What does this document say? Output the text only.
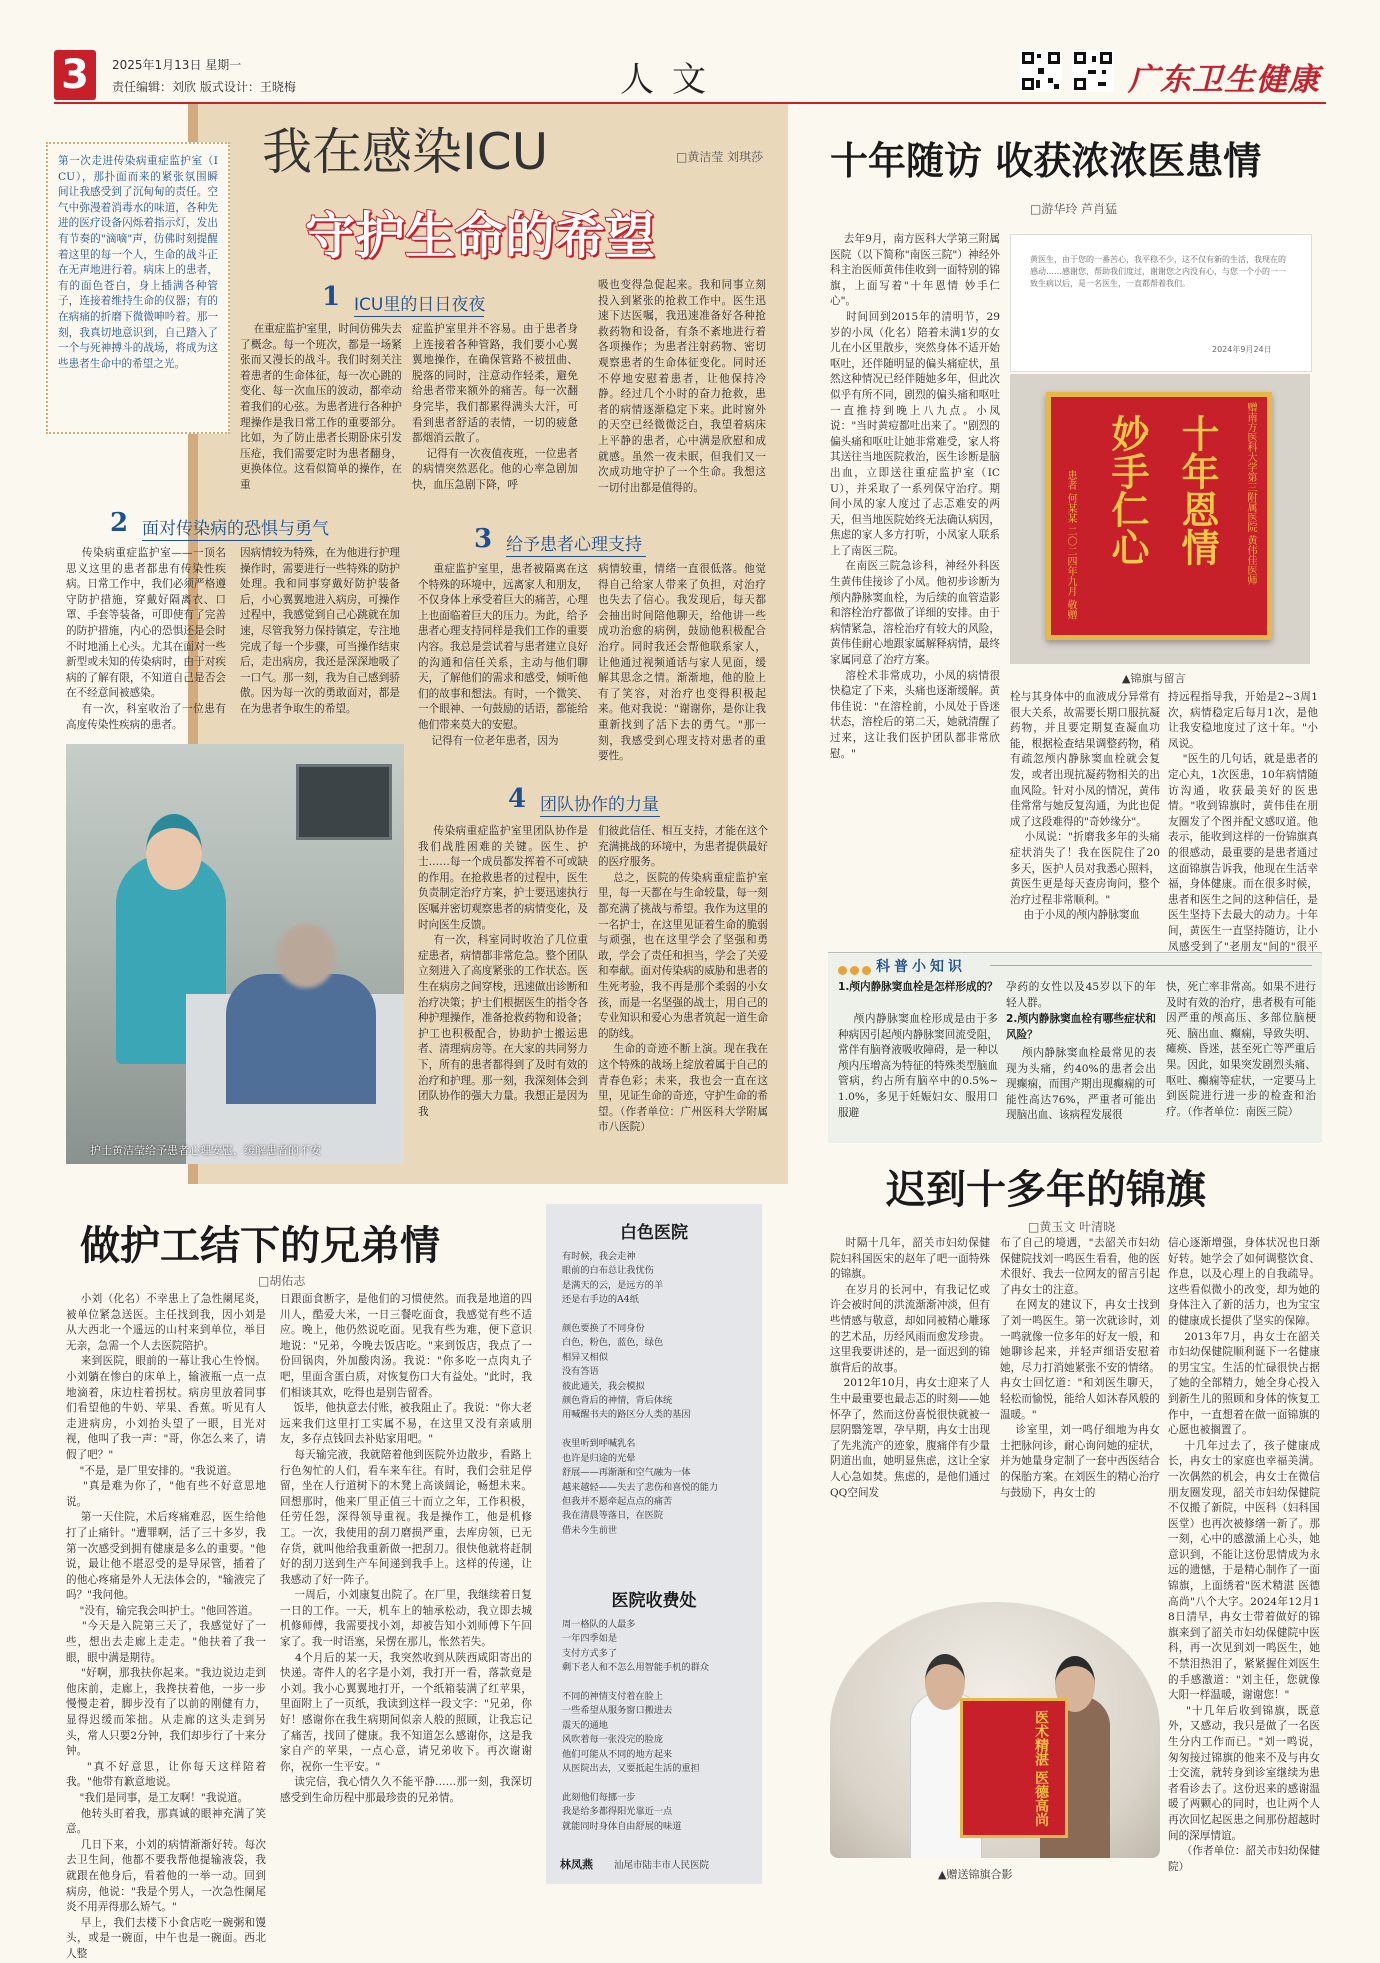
3	2025年1月13日 星期一
责任编辑：刘欣 版式设计：王晓梅	人文	广东卫生健康
第一次走进传染病重症监护室（ICU），那扑面而来的紧张氛围瞬间让我感受到了沉甸甸的责任。空气中弥漫着消毒水的味道，各种先进的医疗设备闪烁着指示灯，发出有节奏的"滴嘀"声，仿佛时刻提醒着这里的每一个人，生命的战斗正在无声地进行着。病床上的患者，有的面色苍白，身上插满各种管子，连接着维持生命的仪器；有的在病痛的折磨下微微呻吟着。那一刻，我真切地意识到，自己踏入了一个与死神搏斗的战场，将成为这些患者生命中的希望之光。
我在感染ICU	□黄洁莹 刘琪莎
守护生命的希望
1 ICU里的日日夜夜
在重症监护室里，时间仿佛失去了概念。每一个班次，都是一场紧张而又漫长的战斗。我们时刻关注着患者的生命体征，每一次心跳的变化、每一次血压的波动，都牵动着我们的心弦。为患者进行各种护理操作是我日常工作的重要部分。比如，为了防止患者长期卧床引发压疮，我们需要定时为患者翻身，更换体位。这看似简单的操作，在重
症监护室里并不容易。由于患者身上连接着各种管路，我们要小心翼翼地操作，在确保管路不被扭曲、脱落的同时，注意动作轻柔，避免给患者带来额外的痛苦。每一次翻身完毕，我们都累得满头大汗，可看到患者舒适的表情，一切的疲惫都烟消云散了。
记得有一次夜值夜班，一位患者的病情突然恶化。他的心率急剧加快，血压急剧下降，呼
吸也变得急促起来。我和同事立刻投入到紧张的抢救工作中。医生迅速下达医嘱，我迅速准备好各种抢救药物和设备，有条不紊地进行着各项操作；为患者注射药物、密切观察患者的生命体征变化。同时还不停地安慰着患者，让他保持冷静。经过几个小时的奋力抢救，患者的病情逐渐稳定下来。此时窗外的天空已经微微泛白，我望着病床上平静的患者，心中满是欣慰和成就感。虽然一夜未眠，但我们又一次成功地守护了一个生命。我想这一切付出都是值得的。
2 面对传染病的恐惧与勇气
传染病重症监护室——一顶名思义这里的患者都患有传染性疾病。日常工作中，我们必须严格遵守防护措施，穿戴好隔离衣、口罩、手套等装备，可即使有了完善的防护措施，内心的恐惧还是会时不时地涌上心头。尤其在面对一些新型或未知的传染病时，由于对疾病的了解有限，不知道自己是否会在不经意间被感染。
有一次，科室收治了一位患有高度传染性疾病的患者。
因病情较为特殊，在为他进行护理操作时，需要进行一些特殊的防护处理。我和同事穿戴好防护装备后，小心翼翼地进入病房，可操作过程中，我感觉到自己心跳就在加速，尽管我努力保持镇定，专注地完成了每一个步骤，可当操作结束后，走出病房，我还是深深地吸了一口气。那一刻，我为自己感到骄傲。因为每一次的勇敢面对，都是在为患者争取生的希望。
3 给予患者心理支持
重症监护室里，患者被隔离在这个特殊的环境中，远离家人和朋友，不仅身体上承受着巨大的痛苦，心理上也面临着巨大的压力。为此，给予患者心理支持同样是我们工作的重要内容。我总是尝试着与患者建立良好的沟通和信任关系，主动与他们聊天，了解他们的需求和感受，倾听他们的故事和想法。有时，一个微笑、一个眼神、一句鼓励的话语，都能给他们带来莫大的安慰。
记得有一位老年患者，因为
病情较重，情绪一直很低落。他觉得自己给家人带来了负担，对治疗也失去了信心。我发现后，每天都会抽出时间陪他聊天，给他讲一些成功治愈的病例，鼓励他积极配合治疗。同时我还会帮他联系家人，让他通过视频通话与家人见面，缓解其思念之情。渐渐地，他的脸上有了笑容，对治疗也变得积极起来。他对我说："谢谢你，是你让我重新找到了活下去的勇气。"那一刻，我感受到心理支持对患者的重要性。
护士黄洁莹给予患者心理安慰，缓解患者的不安
4 团队协作的力量
传染病重症监护室里团队协作是我们战胜困难的关键。医生、护士……每一个成员都发挥着不可或缺的作用。在抢救患者的过程中，医生负责制定治疗方案，护士要迅速执行医嘱并密切观察患者的病情变化，及时向医生反馈。
有一次，科室同时收治了几位重症患者，病情都非常危急。整个团队立刻进入了高度紧张的工作状态。医生在病房之间穿梭，迅速做出诊断和治疗决策；护士们根据医生的指令各种护理操作，准备抢救药物和设备；护工也积极配合，协助护士搬运患者、清理病房等。在大家的共同努力下，所有的患者都得到了及时有效的治疗和护理。那一刻，我深刻体会到团队协作的强大力量。我想正是因为我
们彼此信任、相互支持，才能在这个充满挑战的环境中，为患者提供最好的医疗服务。
总之，医院的传染病重症监护室里，每一天都在与生命较量，每一刻都充满了挑战与希望。我作为这里的一名护士，在这里见证着生命的脆弱与顽强，也在这里学会了坚强和勇敢，学会了责任和担当，学会了关爱和奉献。面对传染病的威胁和患者的生死考验，我不再是那个柔弱的小女孩，而是一名坚强的战士，用自己的专业知识和爱心为患者筑起一道生命的防线。
生命的奇迹不断上演。现在我在这个特殊的战场上绽放着属于自己的青春色彩；未来，我也会一直在这里，见证生命的奇迹，守护生命的希望。（作者单位：广州医科大学附属市八医院）
十年随访 收获浓浓医患情
□游华玲 芦肖猛
黄医生，由于您的一番苦心，我平稳不少，这不仅有新的生活，我现在的感动……感谢您，帮助我们度过，谢谢您之内没有心，与您一个小的一一致生病以后，是一名医生，一直都帮着我们。
2024年9月24日
赠南方医科大学第三附属医院 黄伟佳医师
十年恩情
妙手仁心
患者 何某某 二〇二四年九月 敬赠
▲锦旗与留言
去年9月，南方医科大学第三附属医院（以下简称"南医三院"）神经外科主治医师黄伟佳收到一面特别的锦旗，上面写着"十年恩情 妙手仁心"。
时间回到2015年的清明节，29岁的小凤（化名）陪着未满1岁的女儿在小区里散步，突然身体不适开始呕吐，还伴随明显的偏头痛症状，虽然这种情况已经伴随她多年，但此次似乎有所不同，剧烈的偏头痛和呕吐一直推持到晚上八九点。小凤说："当时黄痘都吐出来了。"剧烈的偏头痛和呕吐让她非常难受，家人将其送往当地医院救治，医生诊断是脑出血，立即送往重症监护室（ICU），并采取了一系列保守治疗。期间小凤的家人度过了忐忑难安的两天，但当地医院始终无法确认病因，焦虑的家人多方打听，小凤家人联系上了南医三院。
在南医三院急诊科，神经外科医生黄伟佳接诊了小凤。他初步诊断为颅内静脉窦血栓，为后续的血管造影和溶栓治疗都做了详细的安排。由于病情紧急，溶栓治疗有较大的风险，黄伟佳耐心地跟家属解释病情，最终家属同意了治疗方案。
溶栓术非常成功，小凤的病情很快稳定了下来，头痛也逐渐缓解。黄伟佳说："在溶栓前，小凤处于昏迷状态，溶栓后的第二天，她就清醒了过来，这让我们医护团队都非常欣慰。"
栓与其身体中的血液成分异常有很大关系，故需要长期口服抗凝药物，并且要定期复查凝血功能，根据检查结果调整药物，稍有疏忽颅内静脉窦血栓就会复发，或者出现抗凝药物相关的出血风险。针对小凤的情况，黄伟佳常常与她反复沟通，为此也促成了这段难得的"奇妙缘分"。
小凤说："折磨我多年的头痛症状消失了！我在医院住了20多天，医护人员对我悉心照料，黄医生更是每天查房询问，整个治疗过程非常顺利。"
由于小凤的颅内静脉窦血
持远程指导我，开始是2~3周1次，病情稳定后每月1次，是他让我安稳地度过了这十年。"小凤说。
"医生的几句话，就是患者的定心丸，1次医患，10年病情随访沟通，收获最美好的医患情。"收到锦旗时，黄伟佳在朋友圈发了个图并配文感叹道。他表示，能收到这样的一份锦旗真的很感动，最重要的是患者通过这面锦旗告诉我，他现在生活幸福，身体健康。而在很多时候，患者和医生之间的这种信任，是医生坚持下去最大的动力。十年间，黄医生一直坚持随访，让小凤感受到了"老朋友"间的"很平
科普小知识
1.颅内静脉窦血栓是怎样形成的？
颅内静脉窦血栓形成是由于多种病因引起颅内静脉窦回流受阻，常伴有脑脊液吸收障碍，是一种以颅内压增高为特征的特殊类型脑血管病，约占所有脑卒中的0.5%~1.0%，多见于妊娠妇女、服用口服避
孕药的女性以及45岁以下的年轻人群。
2.颅内静脉窦血栓有哪些症状和风险？
颅内静脉窦血栓最常见的表现为头痛，约40%的患者会出现癫痫，而围产期出现癫痫的可能性高达76%，严重者可能出现脑出血、该病程发展很
快，死亡率非常高。如果不进行及时有效的治疗，患者极有可能因严重的颅高压、多部位脑梗死、脑出血、癫痫，导致失明、瘫痪、昏迷，甚至死亡等严重后果。因此，如果突发剧烈头痛、呕吐、癫痫等症状，一定要马上到医院进行进一步的检查和治疗。（作者单位：南医三院）
做护工结下的兄弟情
□胡佑志
小刘（化名）不幸患上了急性阑尾炎，被单位紧急送医。主任找到我，因小刘是从大西北一个遥远的山村来到单位，举目无亲，急需一个人去医院陪护。
来到医院，眼前的一幕让我心生怜悯。小刘躺在惨白的床单上，输液瓶一点一点地滴着，床边柱着拐杖。病房里放着同事们看望他的牛奶、苹果、香蕉。听见有人走进病房，小刘抬头望了一眼，目光对视，他叫了我一声："哥，你怎么来了，请假了吧？"
"不是，是厂里安排的。"我说道。
"真是难为你了，"他有些不好意思地说。
第一天住院，术后疼痛难忍，医生给他打了止痛针。"遭罪啊，活了三十多岁，我第一次感受到拥有健康是多么的重要。"他说，最让他不堪忍受的是导尿管，插着了的他心疼痛是外人无法体会的，"输液完了吗？"我问他。
"没有，输完我会叫护士。"他回答道。
"今天是入院第三天了，我感觉好了一些，想出去走廊上走走。"他扶着了我一眼，眼中满是期待。
"好啊，那我扶你起来。"我边说边走到他床前，走廊上，我搀扶着他，一步一步慢慢走着，脚步没有了以前的刚健有力，显得迟缓而笨拙。从走廊的这头走到另头，常人只要2分钟，我们却步行了十来分钟。
"真不好意思，让你每天这样陪着我。"他带有歉意地说。
"我们是同事，是工友啊！"我说道。
他转头盯着我，那真诚的眼神充满了笑意。
几日下来，小刘的病情渐渐好转。每次去卫生间，他都不要我帮他提输液袋，我就跟在他身后，看着他的一举一动。回到病房，他说："我是个男人，一次急性阑尾炎不用弄得那么矫气。"
早上，我们去楼下小食店吃一碗粥和馒头，或是一碗面，中午也是一碗面。西北人整
日跟面食断字，是他们的习惯使然。而我是地道的四川人，酷爱大米，一日三餐吃面食，我感觉有些不适应。晚上，他仍然说吃面。见我有些为难，便下意识地说："兄弟，今晚去饭店吃。"来到饭店，我点了一份回锅肉，外加酸肉汤。我说："你多吃一点肉丸子吧，里面含蛋白质，对恢复伤口大有益处。"此时，我们相谈其欢，吃得也是别告留香。
饭毕，他执意去付账，被我阻止了。我说："你大老远来我们这里打工实属不易，在这里又没有亲戚朋友，多存点钱回去补贴家用吧。"
每天输完液，我就陪着他到医院外边散步，看路上行色匆忙的人们，看车来车往。有时，我们会驻足停留，坐在人行道树下的木凳上高谈阔论，畅想未来。回想那时，他来厂里正值三十而立之年，工作积极，任劳任怨，深得领导重视。我是操作工，他是机修工。一次，我使用的刮刀磨损严重，去库房领，已无存货，就叫他给我重新做一把刮刀。很快他就将赶制好的刮刀送到生产车间递到我手上。这样的传递，让我感动了好一阵子。
一周后，小刘康复出院了。在厂里，我继续着日复一日的工作。一天，机车上的轴承松动，我立即去城机修师傅，我需要找小刘，却被告知小刘师傅下午回家了。我一时语塞，呆愣在那儿，怅然若失。
4个月后的某一天，我突然收到从陕西咸阳寄出的快递。寄件人的名字是小刘，我打开一看，落款竟是小刘。我小心翼翼地打开，一个纸箱装满了红苹果，里面附上了一页纸，我读到这样一段文字："兄弟，你好！感谢你在我生病期间似亲人般的照顾，让我忘记了痛苦，找回了健康。我不知道怎么感谢你，这是我家自产的苹果，一点心意，请兄弟收下。再次谢谢你，祝你一生平安。"
读完信，我心情久久不能平静……那一刻，我深切感受到生命历程中那最珍贵的兄弟情。
白色医院
有时候，我会走神
眼前的白布总让我忧伤
是满天的云，是远方的羊
还是右手边的A4纸

颜色要换了不同身份
白色，粉色，蓝色，绿色
相异又相似
没有答语
彼此通关，我会模拟
颜色背后的神情，背后体统
用喊醒书夫的路区分人类的基因

夜里听到呼喊乳名
也许是归途的光晕
舒展——再渐渐和空气融为一体
越来越轻——失去了悲伤和喜悦的能力
但我并不愿牵起点点的痛苦
我在清晨等落日，在医院
借未今生前世
医院收费处
周一格队的人最多
一年四季如是
支付方式多了
剩下老人和不怎么用智能手机的群众

不同的神情支付着在脸上
一些希望从服务窗口搬进去
震天的通地
风吹着每一张没完的脸庞
他们可能从不同的地方起来
从医院出去，又要抵起生活的重担

此刻他们每挪一步
我是给多都得阳光靠近一点
就能同时身体自由舒展的味道
林凤燕 汕尾市陆丰市人民医院
迟到十多年的锦旗
□黄玉文 叶清晓
时隔十几年，韶关市妇幼保健院妇科国医宋的赵年了吧一面特殊的锦旗。
在岁月的长河中，有我记忆或许会被时间的洪流渐渐冲淡，但有些情感与敬意，却如同被精心雕琢的艺术品，历经风雨而愈发珍贵。这里我要讲述的，是一面迟到的锦旗背后的故事。
2012年10月，冉女士迎来了人生中最重要也最忐忑的时刻——她怀孕了，然而这份喜悦很快就被一层阴翳笼罩，孕早期，冉女士出现了先兆流产的迹象，腹痛伴有少量阴道出血，她明显焦虑，这让全家人心急如焚。焦虑的，是他们通过QQ空间发
布了自己的境遇，"去韶关市妇幼保健院找刘一鸣医生看看，他的医术很好、我去一位网友的留言引起了冉女士的注意。
在网友的建议下，冉女士找到了刘一鸣医生。第一次就诊时，刘一鸣就像一位多年的好友一般，和她聊诊起来，并轻声细语安慰着她，尽力打消她紧张不安的情绪。冉女士回忆道："和刘医生聊天，轻松而愉悦，能给人如沐春风般的温暖。"
诊室里，刘一鸣仔细地为冉女士把脉问诊，耐心询问她的症状，并为她量身定制了一套中西医结合的保胎方案。在刘医生的精心治疗与鼓励下，冉女士的
信心逐渐增强，身体状况也日渐好转。她学会了如何调整饮食、作息，以及心理上的自我疏导。这些看似微小的改变，却为她的身体注入了新的活力，也为宝宝的健康成长提供了坚实的保障。
2013年7月，冉女士在韶关市妇幼保健院顺利诞下一名健康的男宝宝。生活的忙碌很快占据了她的全部精力，她全身心投入到新生儿的照顾和身体的恢复工作中，一直想着在做一面锦旗的心愿也被搁置了。
十几年过去了，孩子健康成长，冉女士的家庭也幸福美满。一次偶然的机会，冉女士在微信朋友圈发现，韶关市妇幼保健院不仅搬了新院，中医科（妇科国医堂）也再次被修缮一新了。那一刻，心中的感激涌上心头，她意识到，不能让这份思情成为永远的遗憾，于是精心制作了一面锦旗，上面绣着"医术精湛 医德高尚"八个大字。2024年12月18日清早，冉女士带着做好的锦旗来到了韶关市妇幼保健院中医科，再一次见到刘一鸣医生，她不禁泪热泪了，紧紧握住刘医生的手感激道："刘主任，您就像大阳一样温暖，谢谢您！"
"十几年后收到锦旗，既意外，又感动，我只是做了一名医生分内工作而已。"刘一鸣说，匆匆接过锦旗的他来不及与冉女士交流，就转身到诊室继续为患者看诊去了。这份迟来的感谢温暖了两颗心的同时，也让两个人再次回忆起医患之间那份超越时间的深厚情谊。
（作者单位：韶关市妇幼保健院）
医术精湛 医德高尚
▲赠送锦旗合影
